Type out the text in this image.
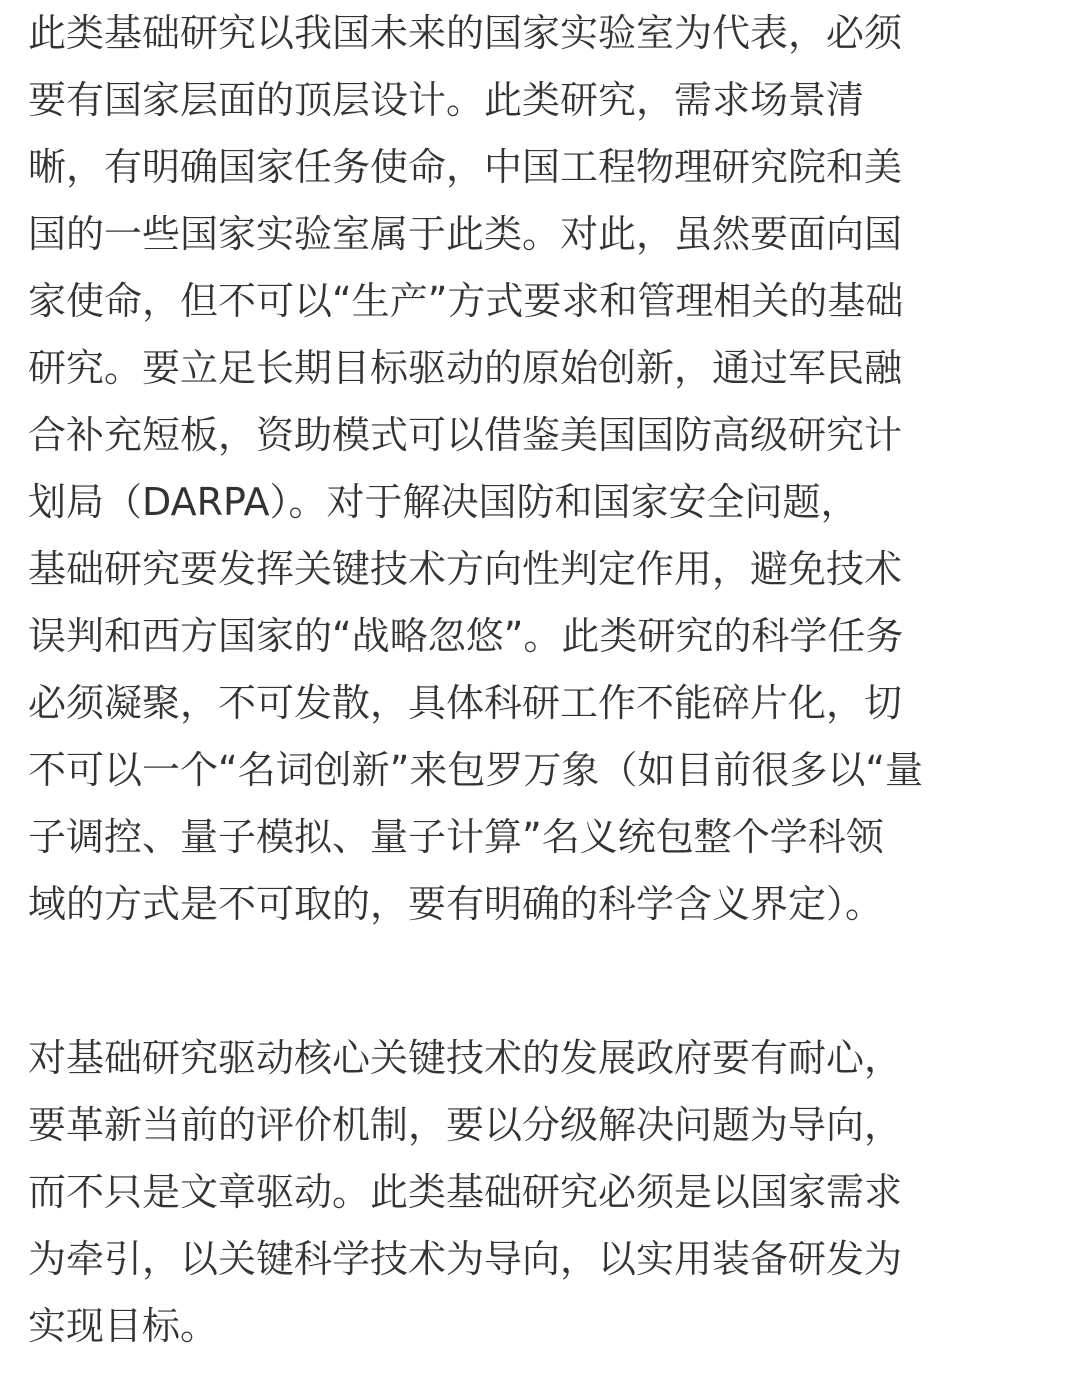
此类基础研究以我国未来的国家实验室为代表，必须
要有国家层面的顶层设计。此类研究，需求场景清
晰，有明确国家任务使命，中国工程物理研究院和美
国的一些国家实验室属于此类。对此，虽然要面向国
家使命，但不可以“生产”方式要求和管理相关的基础
研究。要立足长期目标驱动的原始创新，通过军民融
合补充短板，资助模式可以借鉴美国国防高级研究计
划局（DARPA）。对于解决国防和国家安全问题，
基础研究要发挥关键技术方向性判定作用，避免技术
误判和西方国家的“战略忽悠”。此类研究的科学任务
必须凝聚，不可发散，具体科研工作不能碎片化，切
不可以一个“名词创新”来包罗万象（如目前很多以“量
子调控、量子模拟、量子计算”名义统包整个学科领
域的方式是不可取的，要有明确的科学含义界定）。

对基础研究驱动核心关键技术的发展政府要有耐心，
要革新当前的评价机制，要以分级解决问题为导向，
而不只是文章驱动。此类基础研究必须是以国家需求
为牵引，以关键科学技术为导向，以实用装备研发为
实现目标。
